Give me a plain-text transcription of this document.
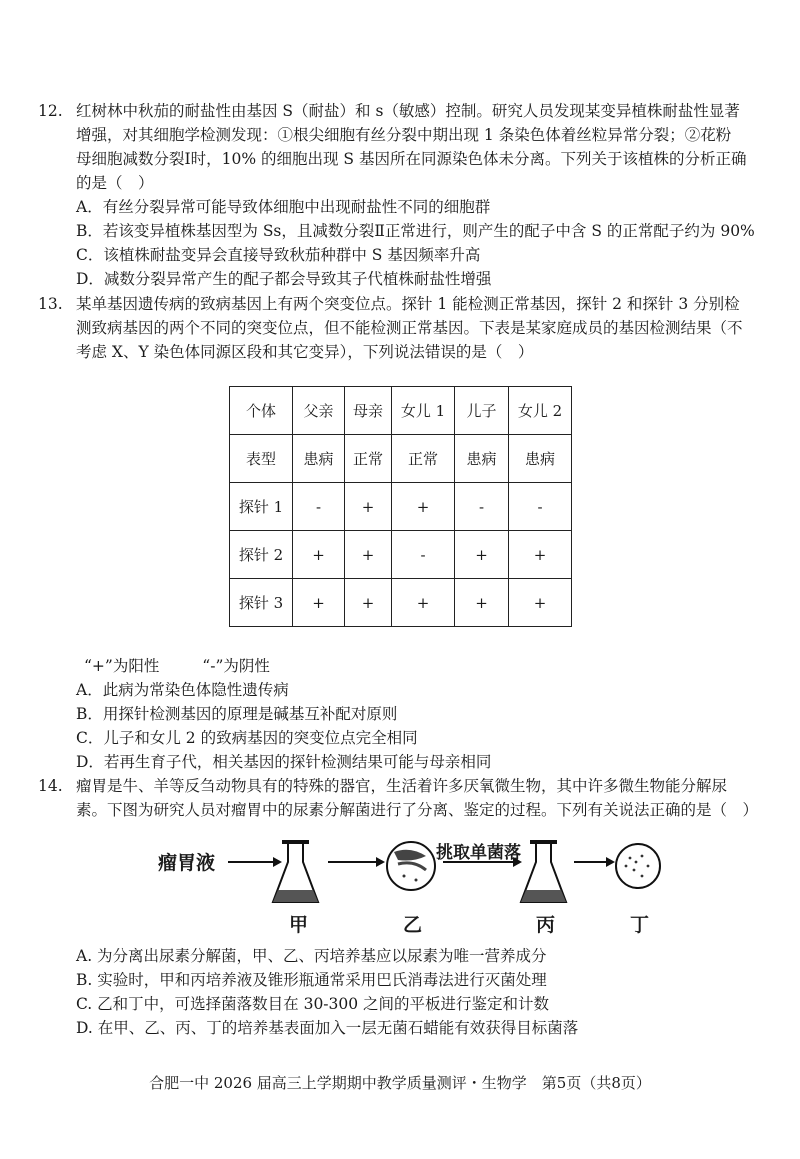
12. 红树林中秋茄的耐盐性由基因 S（耐盐）和 s（敏感）控制。研究人员发现某变异植株耐盐性显著

增强，对其细胞学检测发现：①根尖细胞有丝分裂中期出现 1 条染色体着丝粒异常分裂；②花粉

母细胞减数分裂Ⅰ时，10% 的细胞出现 S 基因所在同源染色体未分离。下列关于该植株的分析正确

的是（　）

A．有丝分裂异常可能导致体细胞中出现耐盐性不同的细胞群

B．若该变异植株基因型为 Ss，且减数分裂Ⅱ正常进行，则产生的配子中含 S 的正常配子约为 90%

C．该植株耐盐变异会直接导致秋茄种群中 S 基因频率升高

D．减数分裂异常产生的配子都会导致其子代植株耐盐性增强

13. 某单基因遗传病的致病基因上有两个突变位点。探针 1 能检测正常基因，探针 2 和探针 3 分别检

测致病基因的两个不同的突变位点，但不能检测正常基因。下表是某家庭成员的基因检测结果（不

考虑 X、Y 染色体同源区段和其它变异），下列说法错误的是（　）

个体	父亲	母亲	女儿 1	儿子	女儿 2
表型	患病	正常	正常	患病	患病
探针 1	-	+	+	-	-
探针 2	+	+	-	+	+
探针 3	+	+	+	+	+

“+”为阳性	“-”为阴性

A．此病为常染色体隐性遗传病

B．用探针检测基因的原理是碱基互补配对原则

C．儿子和女儿 2 的致病基因的突变位点完全相同

D．若再生育子代，相关基因的探针检测结果可能与母亲相同

14. 瘤胃是牛、羊等反刍动物具有的特殊的器官，生活着许多厌氧微生物，其中许多微生物能分解尿

素。下图为研究人员对瘤胃中的尿素分解菌进行了分离、鉴定的过程。下列有关说法正确的是（　）

瘤胃液	挑取单菌落
甲	乙	丙	丁

A. 为分离出尿素分解菌，甲、乙、丙培养基应以尿素为唯一营养成分

B. 实验时，甲和丙培养液及锥形瓶通常采用巴氏消毒法进行灭菌处理

C. 乙和丁中，可选择菌落数目在 30-300 之间的平板进行鉴定和计数

D. 在甲、乙、丙、丁的培养基表面加入一层无菌石蜡能有效获得目标菌落

合肥一中 2026 届高三上学期期中教学质量测评・生物学　第5页（共8页）
